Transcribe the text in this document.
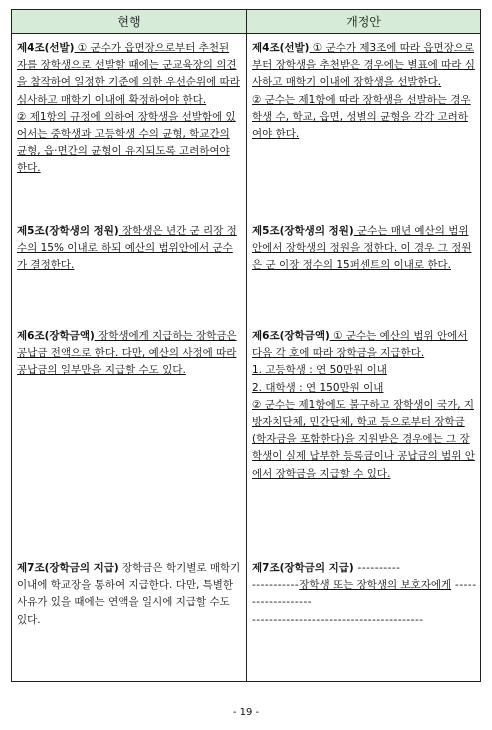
현행	개정안
제4조(선발) ① 군수가 읍면장으로부터 추천된 자를 장학생으로 선발할 때에는 군교육장의 의견을 참작하여 일정한 기준에 의한 우선순위에 따라 심사하고 매학기 이내에 확정하여야 한다.
② 제1항의 규정에 의하여 장학생을 선발함에 있어서는 중학생과 고등학생 수의 균형, 학교간의 균형, 읍·면간의 균형이 유지되도록 고려하여야 한다.
제4조(선발) ① 군수가 제3조에 따라 읍면장으로부터 장학생을 추천받은 경우에는 별표에 따라 심사하고 매학기 이내에 장학생을 선발한다.
② 군수는 제1항에 따라 장학생을 선발하는 경우 학생 수, 학교, 읍면, 성별의 균형을 각각 고려하여야 한다.
제5조(장학생의 정원) 장학생은 년간 군 리장 정수의 15% 이내로 하되 예산의 범위안에서 군수가 결정한다.
제5조(장학생의 정원) 군수는 매년 예산의 범위 안에서 장학생의 정원을 정한다. 이 경우 그 정원은 군 이장 정수의 15퍼센트의 이내로 한다.
제6조(장학금액) 장학생에게 지급하는 장학금은 공납금 전액으로 한다. 다만, 예산의 사정에 따라 공납금의 일부만을 지급할 수도 있다.
제6조(장학금액) ① 군수는 예산의 범위 안에서 다음 각 호에 따라 장학금을 지급한다.
1. 고등학생 : 연 50만원 이내
2. 대학생 : 연 150만원 이내
② 군수는 제1항에도 불구하고 장학생이 국가, 지방자치단체, 민간단체, 학교 등으로부터 장학금(학자금을 포함한다)을 지원받은 경우에는 그 장학생이 실제 납부한 등록금이나 공납금의 범위 안에서 장학금을 지급할 수 있다.
제7조(장학금의 지급) 장학금은 학기별로 매학기 이내에 학교장을 통하여 지급한다. 다만, 특별한 사유가 있을 때에는 연액을 일시에 지급할 수도 있다.
제7조(장학금의 지급) ----------
-----------장학생 또는 장학생의 보호자에게 -------------------
----------------------------------------
- 19 -
